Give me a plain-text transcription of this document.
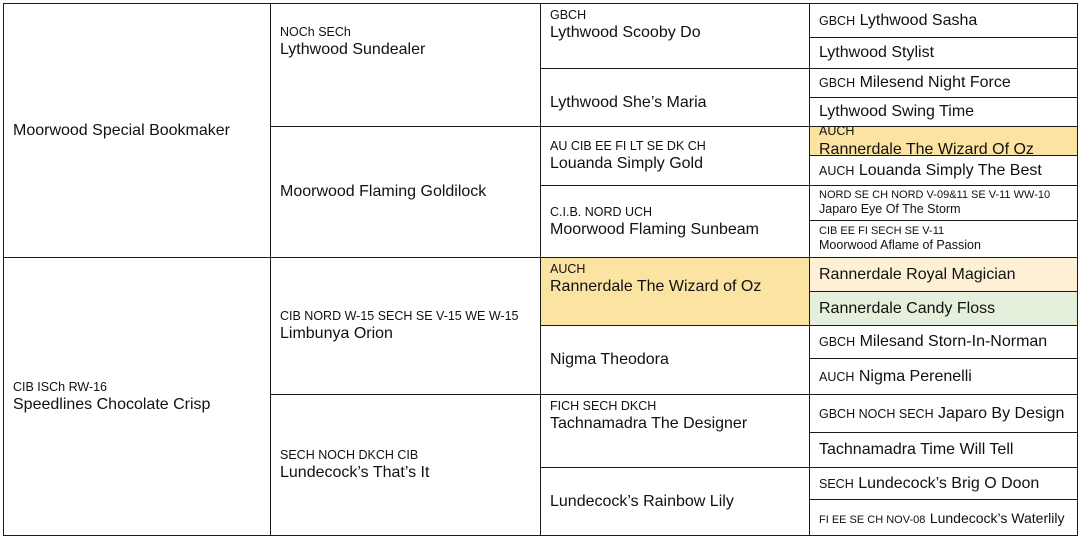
Moorwood Special Bookmaker
CIB ISCh RW-16
Speedlines Chocolate Crisp
NOCh SECh
Lythwood Sundealer
Moorwood Flaming Goldilock
CIB NORD W-15 SECH SE V-15 WE W-15
Limbunya Orion
SECH NOCH DKCH CIB
Lundecock’s That’s It
GBCH
Lythwood Scooby Do
Lythwood She’s Maria
AU CIB EE FI LT SE DK CH
Louanda Simply Gold
C.I.B. NORD UCH
Moorwood Flaming Sunbeam
AUCH
Rannerdale The Wizard of Oz
Nigma Theodora
FICH SECH DKCH
Tachnamadra The Designer
Lundecock’s Rainbow Lily
GBCH Lythwood Sasha
Lythwood Stylist
GBCH Milesend Night Force
Lythwood Swing Time
AUCH Rannerdale The Wizard Of Oz
AUCH Louanda Simply The Best
NORD SE CH NORD V-09&11 SE V-11 WW-10
Japaro Eye Of The Storm
CIB EE FI SECH SE V-11
Moorwood Aflame of Passion
Rannerdale Royal Magician
Rannerdale Candy Floss
GBCH Milesand Storn-In-Norman
AUCH Nigma Perenelli
GBCH NOCH SECH Japaro By Design
Tachnamadra Time Will Tell
SECH Lundecock’s Brig O Doon
FI EE SE CH NOV-08 Lundecock’s Waterlily
